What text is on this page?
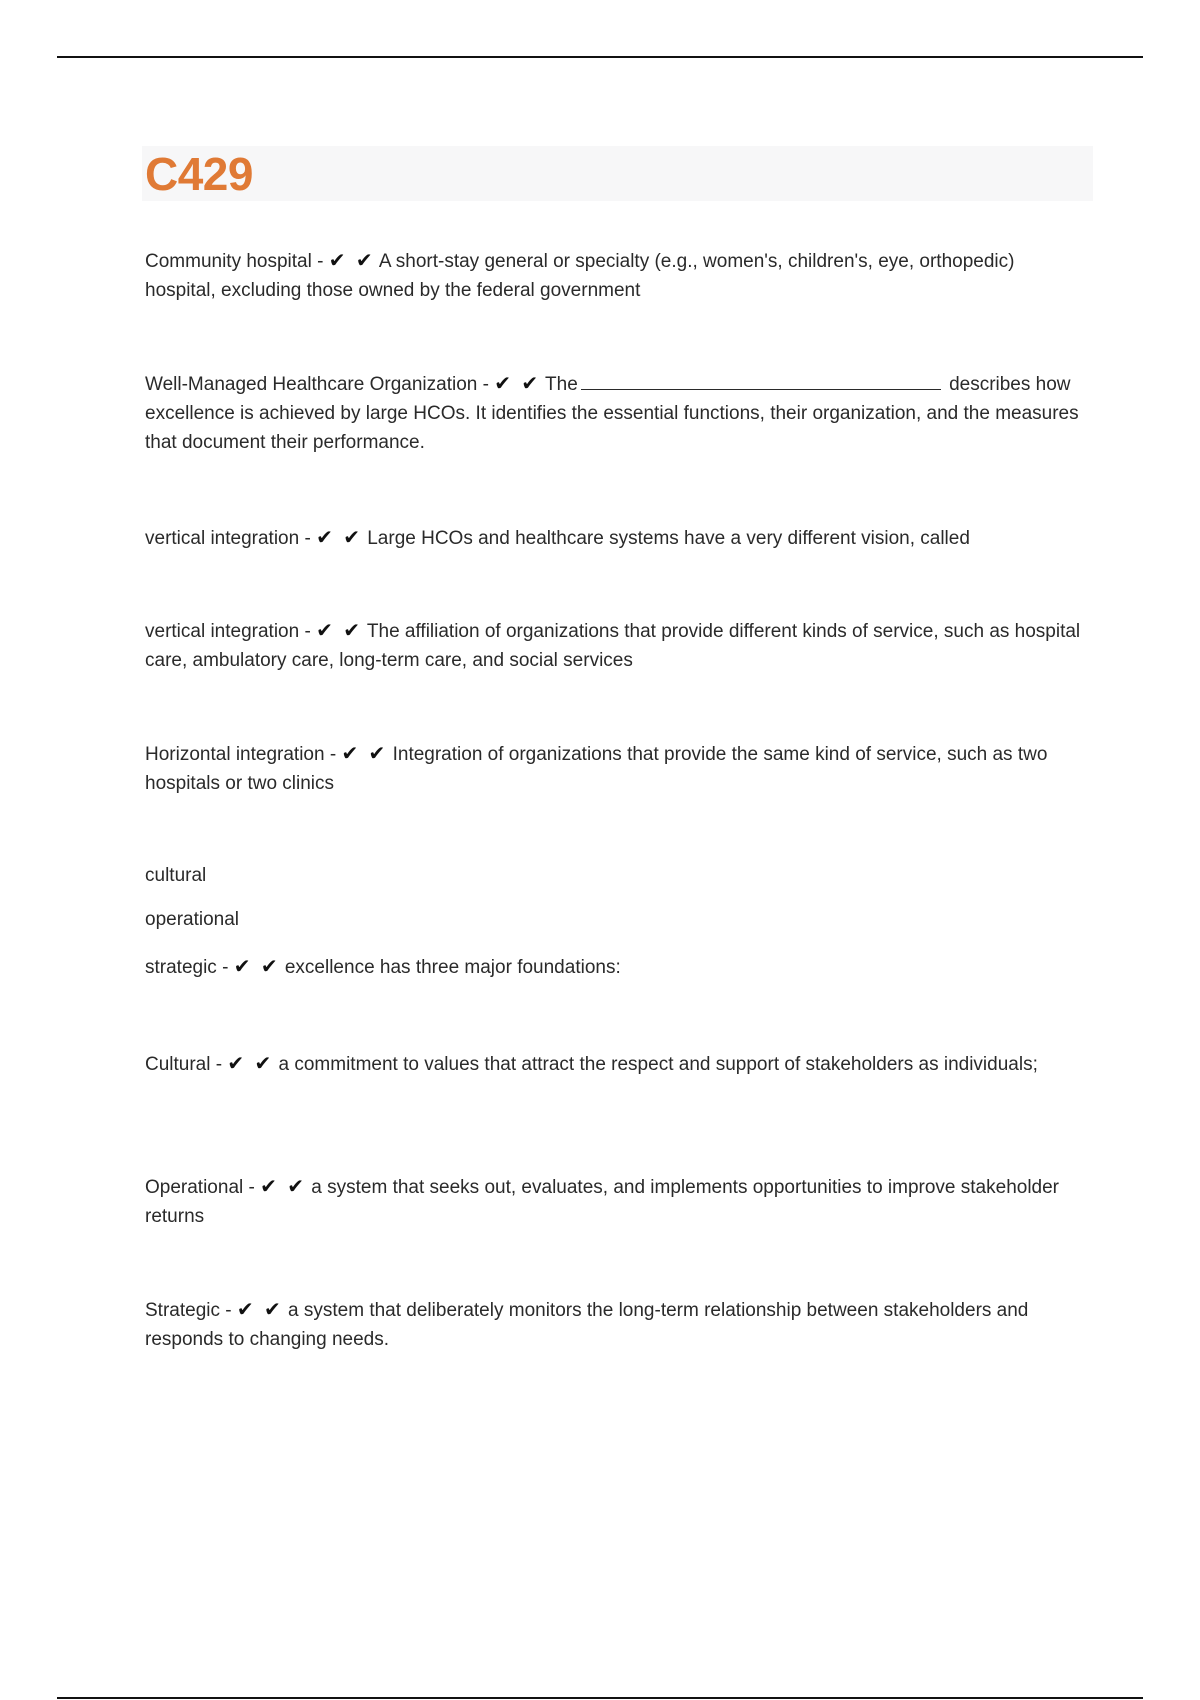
C429

Community hospital - ✔ ✔ A short-stay general or specialty (e.g., women's, children's, eye, orthopedic) hospital, excluding those owned by the federal government

Well-Managed Healthcare Organization - ✔ ✔ The	describes how excellence is achieved by large HCOs. It identifies the essential functions, their organization, and the measures that document their performance.

vertical integration - ✔ ✔ Large HCOs and healthcare systems have a very different vision, called

vertical integration - ✔ ✔ The affiliation of organizations that provide different kinds of service, such as hospital care, ambulatory care, long-term care, and social services

Horizontal integration - ✔ ✔ Integration of organizations that provide the same kind of service, such as two hospitals or two clinics

cultural

operational

strategic - ✔ ✔ excellence has three major foundations:

Cultural - ✔ ✔ a commitment to values that attract the respect and support of stakeholders as individuals;

Operational - ✔ ✔ a system that seeks out, evaluates, and implements opportunities to improve stakeholder returns

Strategic - ✔ ✔ a system that deliberately monitors the long-term relationship between stakeholders and responds to changing needs.
